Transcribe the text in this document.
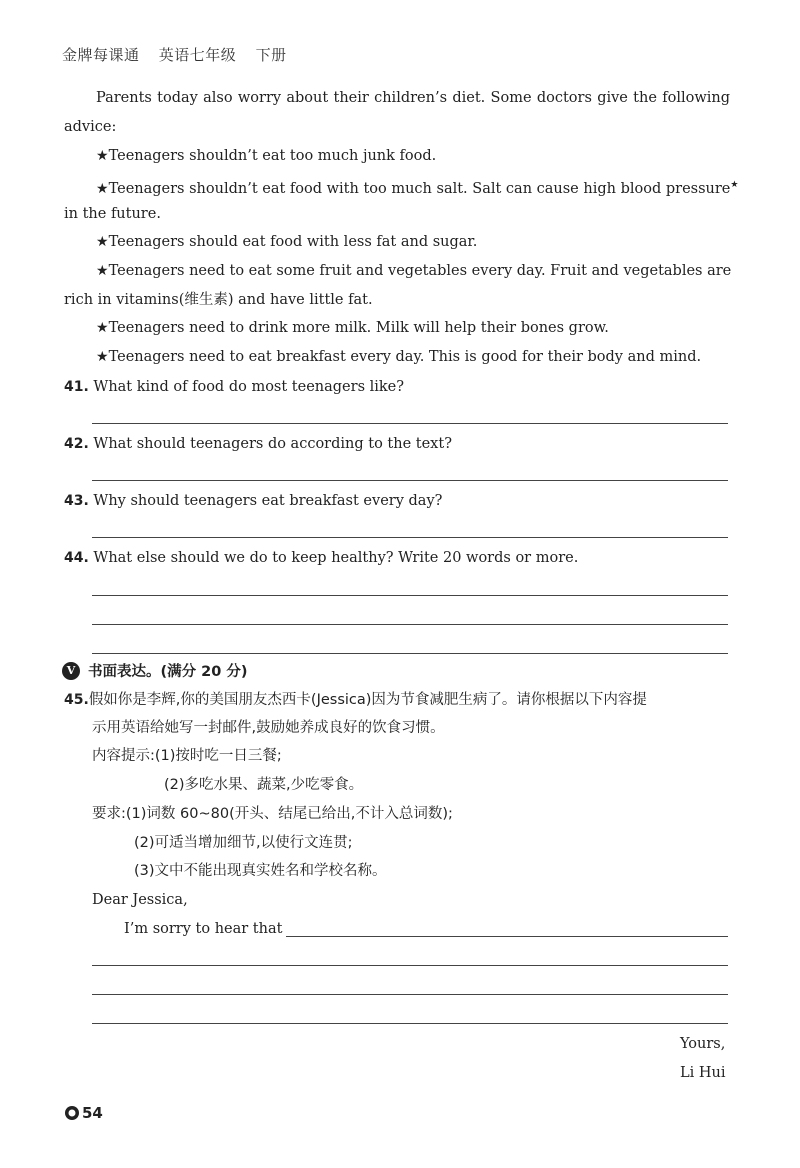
金牌每课通 英语七年级 下册
Parents today also worry about their children’s diet. Some doctors give the following advice:
★Teenagers shouldn’t eat too much junk food.
★Teenagers shouldn’t eat food with too much salt. Salt can cause high blood pressure★
in the future.
★Teenagers should eat food with less fat and sugar.
★Teenagers need to eat some fruit and vegetables every day. Fruit and vegetables are
rich in vitamins(维生素) and have little fat.
★Teenagers need to drink more milk. Milk will help their bones grow.
★Teenagers need to eat breakfast every day. This is good for their body and mind.
41. What kind of food do most teenagers like?
42. What should teenagers do according to the text?
43. Why should teenagers eat breakfast every day?
44. What else should we do to keep healthy? Write 20 words or more.
V 书面表达。(满分 20 分)
45.假如你是李辉,你的美国朋友杰西卡(Jessica)因为节食减肥生病了。请你根据以下内容提
示用英语给她写一封邮件,鼓励她养成良好的饮食习惯。
内容提示:(1)按时吃一日三餐;
(2)多吃水果、蔬菜,少吃零食。
要求:(1)词数 60~80(开头、结尾已给出,不计入总词数);
(2)可适当增加细节,以使行文连贯;
(3)文中不能出现真实姓名和学校名称。
Dear Jessica,
I’m sorry to hear that
Yours,
Li Hui
54
